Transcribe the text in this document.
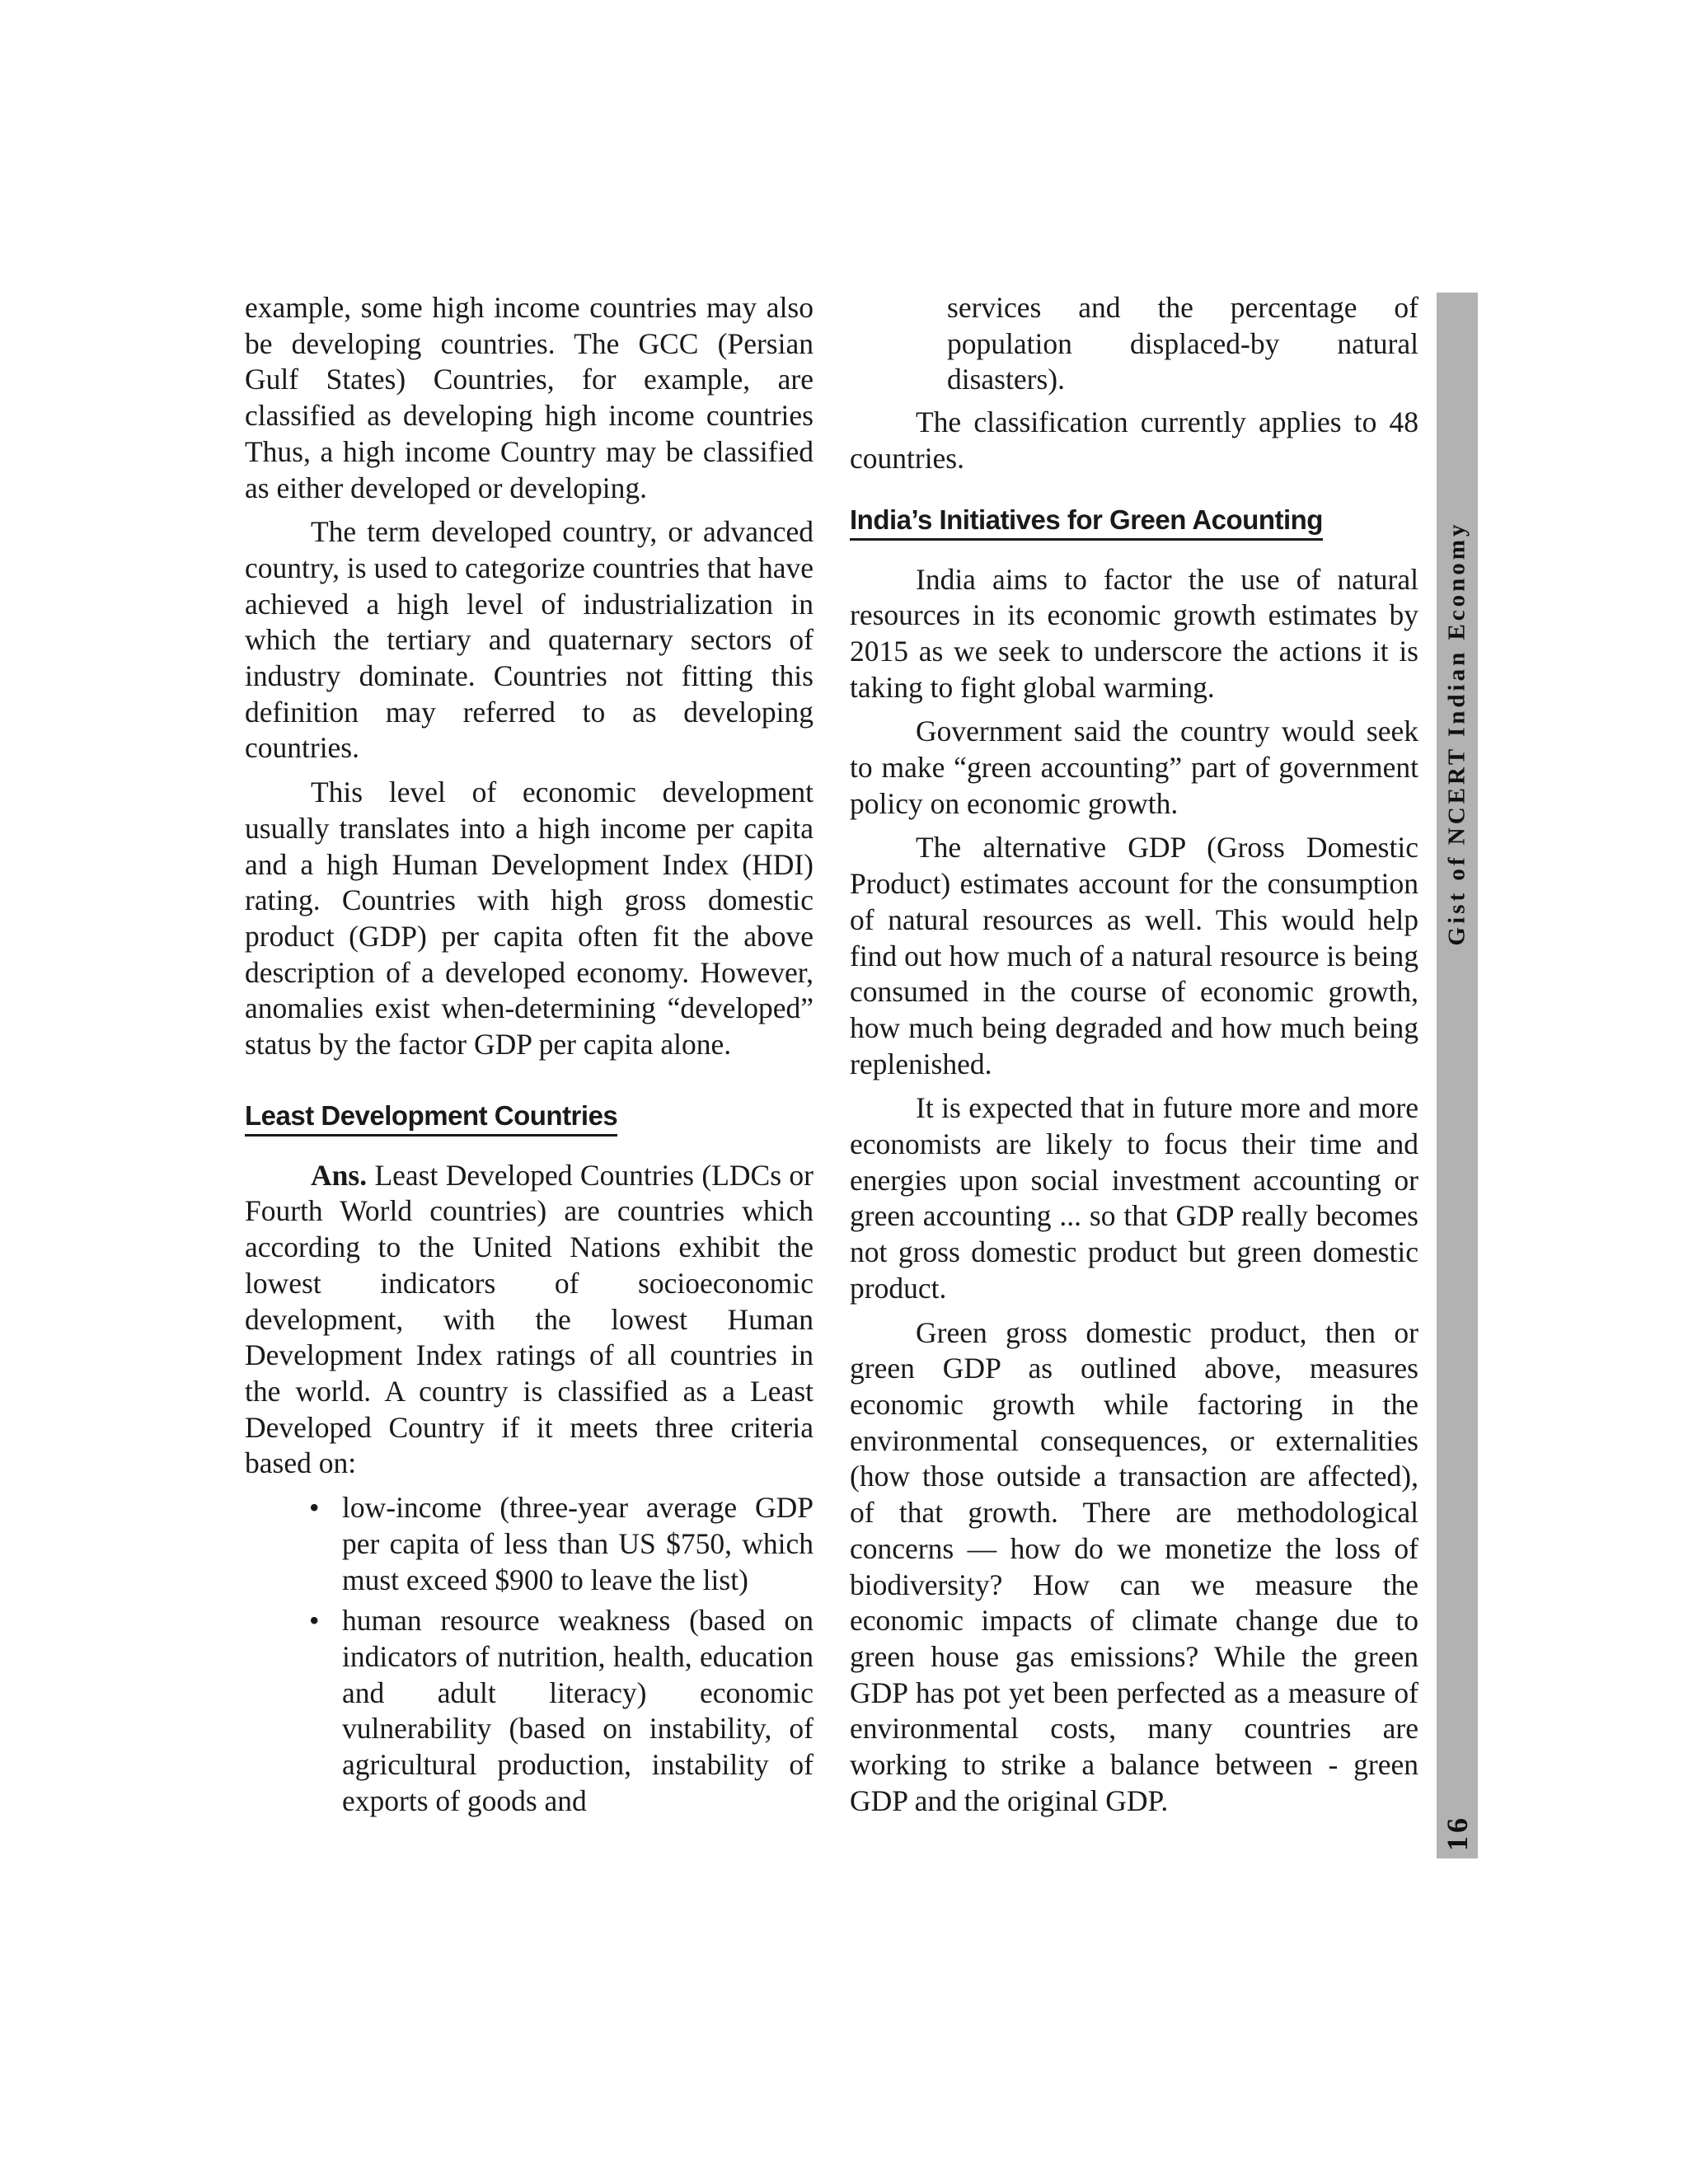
example, some high income countries may also be developing countries. The GCC (Persian Gulf States) Countries, for example, are classified as developing high income countries Thus, a high income Country may be classified as either developed or developing.

The term developed country, or advanced country, is used to categorize countries that have achieved a high level of industrialization in which the tertiary and quaternary sectors of industry dominate. Countries not fitting this definition may referred to as developing countries.

This level of economic development usually translates into a high income per capita and a high Human Development Index (HDI) rating. Countries with high gross domestic product (GDP) per capita often fit the above description of a developed economy. However, anomalies exist when-determining “developed” status by the factor GDP per capita alone.

Least Development Countries

Ans. Least Developed Countries (LDCs or Fourth World countries) are countries which according to the United Nations exhibit the lowest indicators of socioeconomic development, with the lowest Human Development Index ratings of all countries in the world. A country is classified as a Least Developed Country if it meets three criteria based on:

• low-income (three-year average GDP per capita of less than US $750, which must exceed $900 to leave the list)
• human resource weakness (based on indicators of nutrition, health, education and adult literacy) economic vulnerability (based on instability, of agricultural production, instability of exports of goods and
services and the percentage of population displaced-by natural disasters).

The classification currently applies to 48 countries.

India’s Initiatives for Green Acounting

India aims to factor the use of natural resources in its economic growth estimates by 2015 as we seek to underscore the actions it is taking to fight global warming.

Government said the country would seek to make “green accounting” part of government policy on economic growth.

The alternative GDP (Gross Domestic Product) estimates account for the consumption of natural resources as well. This would help find out how much of a natural resource is being consumed in the course of economic growth, how much being degraded and how much being replenished.

It is expected that in future more and more economists are likely to focus their time and energies upon social investment accounting or green accounting ... so that GDP really becomes not gross domestic product but green domestic product.

Green gross domestic product, then or green GDP as outlined above, measures economic growth while factoring in the environmental consequences, or externalities (how those outside a transaction are affected), of that growth. There are methodological concerns — how do we monetize the loss of biodiversity? How can we measure the economic impacts of climate change due to green house gas emissions? While the green GDP has pot yet been perfected as a measure of environmental costs, many countries are working to strike a balance between - green GDP and the original GDP.

Gist of NCERT Indian Economy
16
